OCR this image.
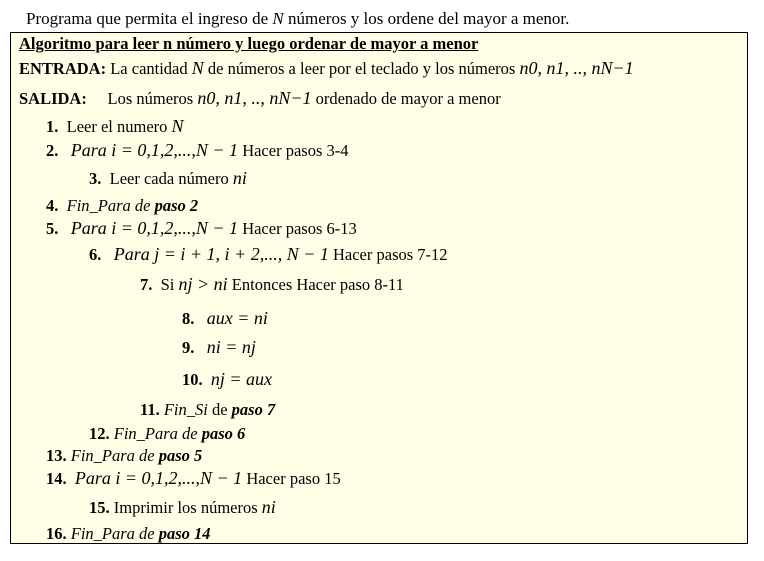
Programa que permita el ingreso de N números y los ordene del mayor a menor.
Algoritmo para leer n número y luego ordenar de mayor a menor
ENTRADA: La cantidad N de números a leer por el teclado y los números n0, n1, .., nN−1
SALIDA: Los números n0, n1, .., nN−1 ordenado de mayor a menor
1. Leer el numero N
2. Para i = 0,1,2,...,N − 1 Hacer pasos 3-4
3. Leer cada número ni
4. Fin_Para de paso 2
5. Para i = 0,1,2,...,N − 1 Hacer pasos 6-13
6. Para j = i + 1, i + 2,..., N − 1 Hacer pasos 7-12
7. Si nj > ni Entonces Hacer paso 8-11
8. aux = ni
9. ni = nj
10. nj = aux
11. Fin_Si de paso 7
12. Fin_Para de paso 6
13. Fin_Para de paso 5
14. Para i = 0,1,2,...,N − 1 Hacer paso 15
15. Imprimir los números ni
16. Fin_Para de paso 14
